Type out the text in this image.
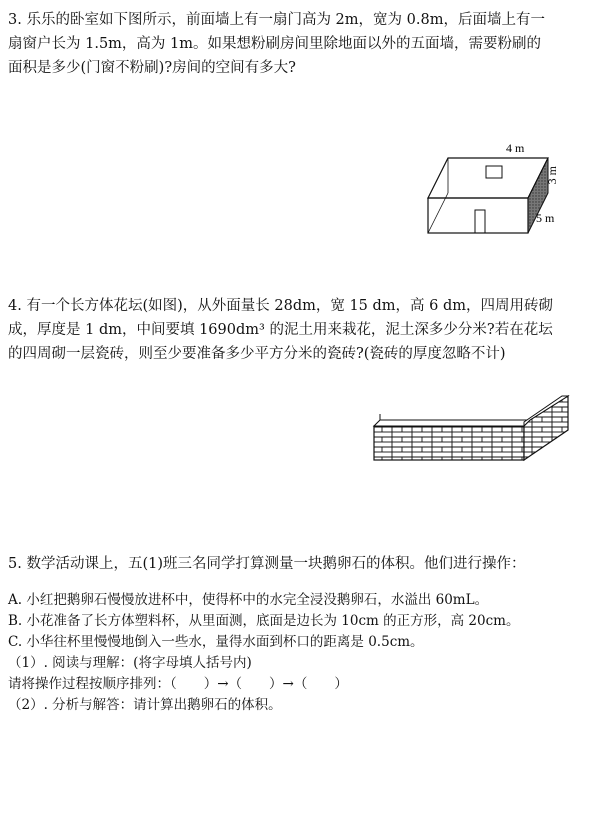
3. 乐乐的卧室如下图所示，前面墙上有一扇门高为 2m，宽为 0.8m，后面墙上有一
扇窗户长为 1.5m，高为 1m。如果想粉刷房间里除地面以外的五面墙，需要粉刷的
面积是多少(门窗不粉刷)?房间的空间有多大?
4 m
3 m
5 m
4. 有一个长方体花坛(如图)，从外面量长 28dm，宽 15 dm，高 6 dm，四周用砖砌
成，厚度是 1 dm，中间要填 1690dm³ 的泥土用来栽花，泥土深多少分米?若在花坛
的四周砌一层瓷砖，则至少要准备多少平方分米的瓷砖?(瓷砖的厚度忽略不计)
5. 数学活动课上，五(1)班三名同学打算测量一块鹅卵石的体积。他们进行操作：
A. 小红把鹅卵石慢慢放进杯中，使得杯中的水完全浸没鹅卵石，水溢出 60mL。
B. 小花准备了长方体塑料杯，从里面测，底面是边长为 10cm 的正方形，高 20cm。
C. 小华往杯里慢慢地倒入一些水，量得水面到杯口的距离是 0.5cm。
（1）. 阅读与理解：(将字母填人括号内)
请将操作过程按顺序排列：（　　）→（　　）→（　　）
（2）. 分析与解答：请计算出鹅卵石的体积。
